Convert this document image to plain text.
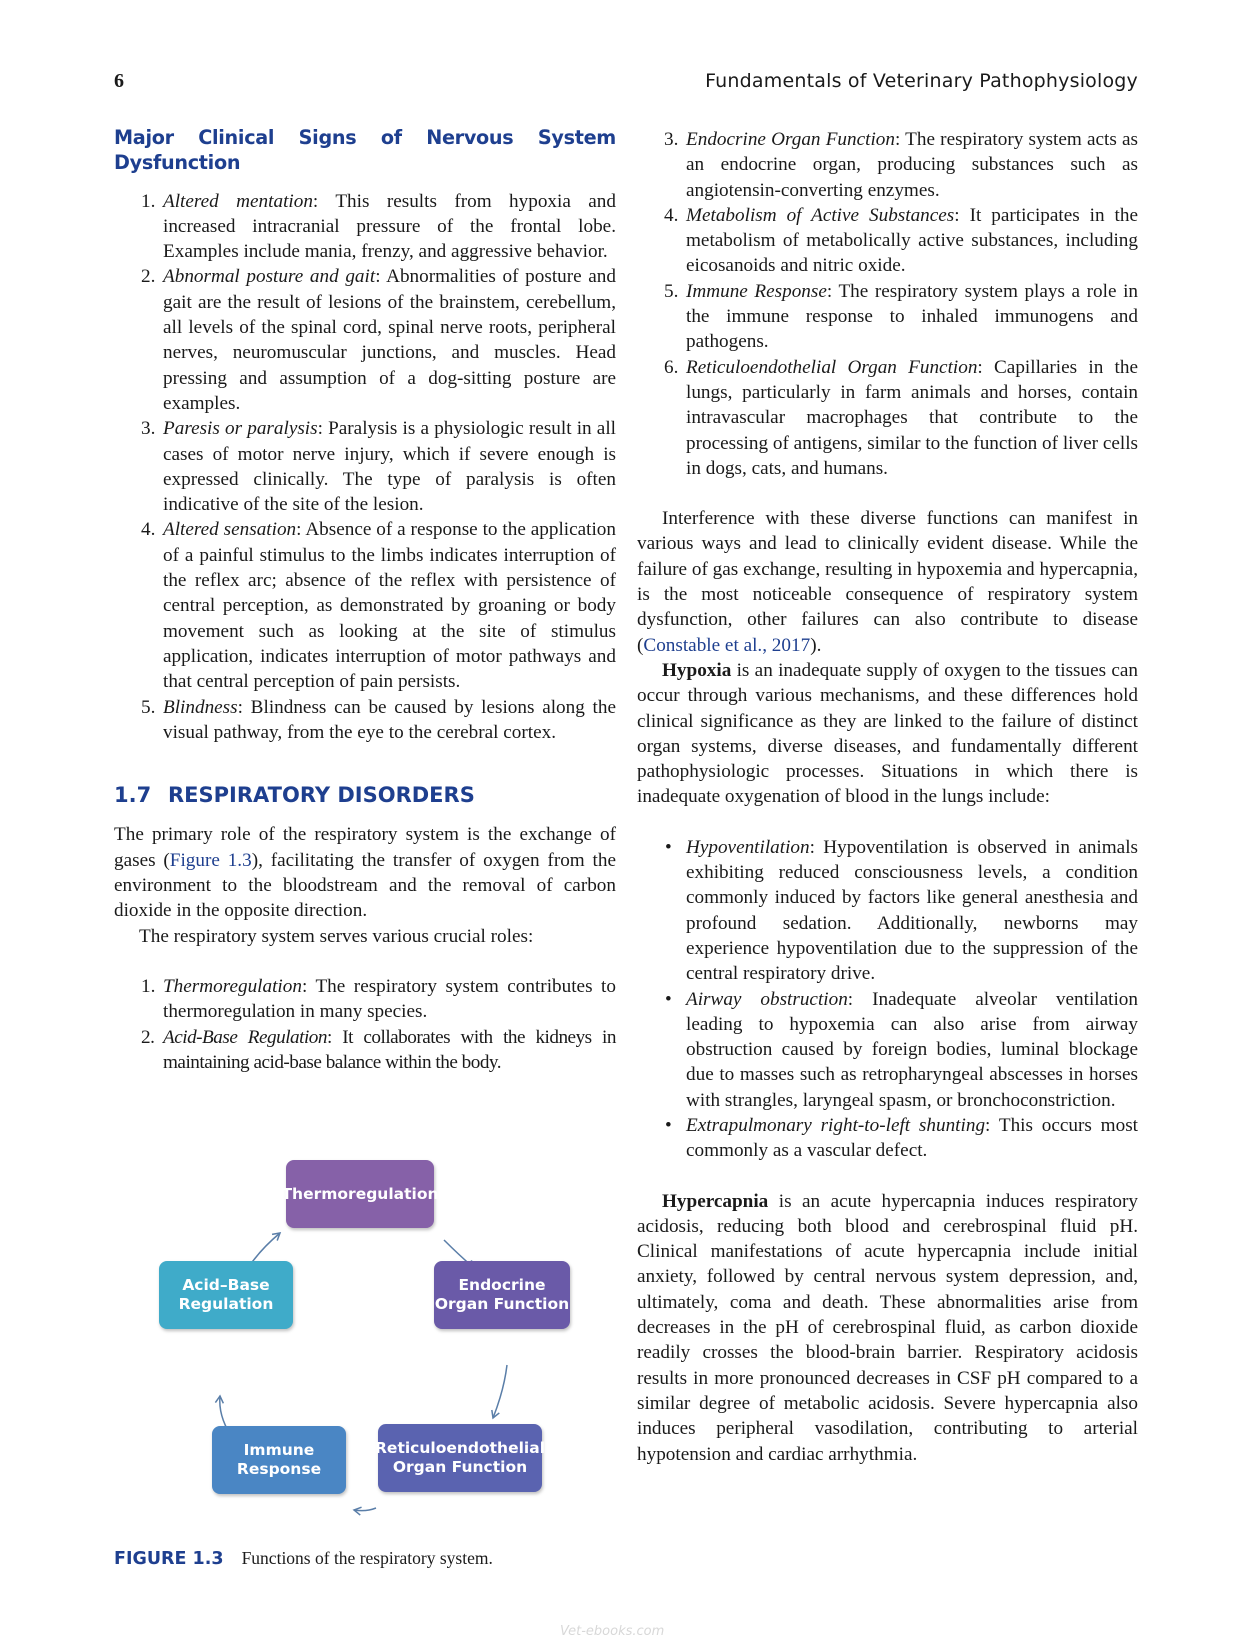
6	Fundamentals of Veterinary Pathophysiology
Major Clinical Signs of Nervous System Dysfunction
1. Altered mentation: This results from hypoxia and increased intracranial pressure of the frontal lobe. Examples include mania, frenzy, and aggressive behavior.
2. Abnormal posture and gait: Abnormalities of posture and gait are the result of lesions of the brainstem, cerebellum, all levels of the spinal cord, spinal nerve roots, peripheral nerves, neuromuscular junctions, and muscles. Head pressing and assumption of a dog-sitting posture are examples.
3. Paresis or paralysis: Paralysis is a physiologic result in all cases of motor nerve injury, which if severe enough is expressed clinically. The type of paralysis is often indicative of the site of the lesion.
4. Altered sensation: Absence of a response to the application of a painful stimulus to the limbs indicates interruption of the reflex arc; absence of the reflex with persistence of central perception, as demonstrated by groaning or body movement such as looking at the site of stimulus application, indicates interruption of motor pathways and that central perception of pain persists.
5. Blindness: Blindness can be caused by lesions along the visual pathway, from the eye to the cerebral cortex.
1.7 RESPIRATORY DISORDERS

The primary role of the respiratory system is the exchange of gases (Figure 1.3), facilitating the transfer of oxygen from the environment to the bloodstream and the removal of carbon dioxide in the opposite direction.

The respiratory system serves various crucial roles:

1. Thermoregulation: The respiratory system contributes to thermoregulation in many species.
2. Acid-Base Regulation: It collaborates with the kidneys in maintaining acid-base balance within the body.
Thermoregulation
Endocrine
Organ Function
Reticuloendothelial
Organ Function
Immune
Response
Acid–Base
Regulation
FIGURE 1.3 Functions of the respiratory system.
3. Endocrine Organ Function: The respiratory system acts as an endocrine organ, producing substances such as angiotensin-converting enzymes.
4. Metabolism of Active Substances: It participates in the metabolism of metabolically active substances, including eicosanoids and nitric oxide.
5. Immune Response: The respiratory system plays a role in the immune response to inhaled immunogens and pathogens.
6. Reticuloendothelial Organ Function: Capillaries in the lungs, particularly in farm animals and horses, contain intravascular macrophages that contribute to the processing of antigens, similar to the function of liver cells in dogs, cats, and humans.

Interference with these diverse functions can manifest in various ways and lead to clinically evident disease. While the failure of gas exchange, resulting in hypoxemia and hypercapnia, is the most noticeable consequence of respiratory system dysfunction, other failures can also contribute to disease (Constable et al., 2017).

Hypoxia is an inadequate supply of oxygen to the tissues can occur through various mechanisms, and these differences hold clinical significance as they are linked to the failure of distinct organ systems, diverse diseases, and fundamentally different pathophysiologic processes. Situations in which there is inadequate oxygenation of blood in the lungs include:

• Hypoventilation: Hypoventilation is observed in animals exhibiting reduced consciousness levels, a condition commonly induced by factors like general anesthesia and profound sedation. Additionally, newborns may experience hypoventilation due to the suppression of the central respiratory drive.
• Airway obstruction: Inadequate alveolar ventilation leading to hypoxemia can also arise from airway obstruction caused by foreign bodies, luminal blockage due to masses such as retropharyngeal abscesses in horses with strangles, laryngeal spasm, or bronchoconstriction.
• Extrapulmonary right-to-left shunting: This occurs most commonly as a vascular defect.

Hypercapnia is an acute hypercapnia induces respiratory acidosis, reducing both blood and cerebrospinal fluid pH. Clinical manifestations of acute hypercapnia include initial anxiety, followed by central nervous system depression, and, ultimately, coma and death. These abnormalities arise from decreases in the pH of cerebrospinal fluid, as carbon dioxide readily crosses the blood-brain barrier. Respiratory acidosis results in more pronounced decreases in CSF pH compared to a similar degree of metabolic acidosis. Severe hypercapnia also induces peripheral vasodilation, contributing to arterial hypotension and cardiac arrhythmia.

Vet-ebooks.com
